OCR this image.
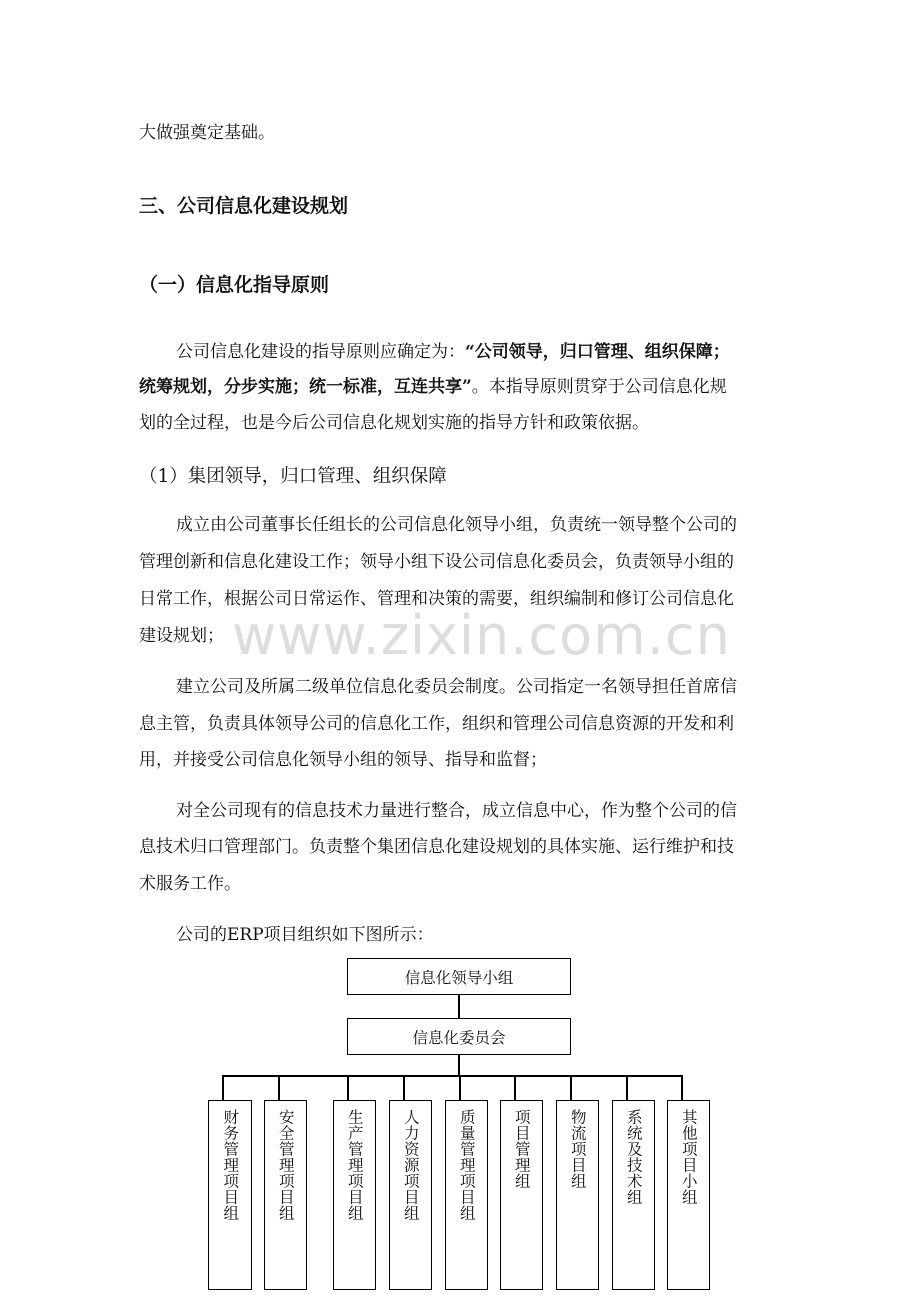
大做强奠定基础。
三、公司信息化建设规划
（一）信息化指导原则
公司信息化建设的指导原则应确定为：“公司领导，归口管理、组织保障；
统筹规划，分步实施；统一标准，互连共享”。本指导原则贯穿于公司信息化规
划的全过程，也是今后公司信息化规划实施的指导方针和政策依据。
（1）集团领导，归口管理、组织保障
成立由公司董事长任组长的公司信息化领导小组，负责统一领导整个公司的
管理创新和信息化建设工作；领导小组下设公司信息化委员会，负责领导小组的
日常工作，根据公司日常运作、管理和决策的需要，组织编制和修订公司信息化
建设规划； www.zixin.com.cn
建立公司及所属二级单位信息化委员会制度。公司指定一名领导担任首席信
息主管，负责具体领导公司的信息化工作，组织和管理公司信息资源的开发和利
用，并接受公司信息化领导小组的领导、指导和监督；
对全公司现有的信息技术力量进行整合，成立信息中心，作为整个公司的信
息技术归口管理部门。负责整个集团信息化建设规划的具体实施、运行维护和技
术服务工作。
公司的ERP项目组织如下图所示：
信息化领导小组
信息化委员会
财务管理项目组 安全管理项目组	生产管理项目组 人力资源项目组 质量管理项目组 项目管理组 物流项目组 系统及技术组 其他项目小组
